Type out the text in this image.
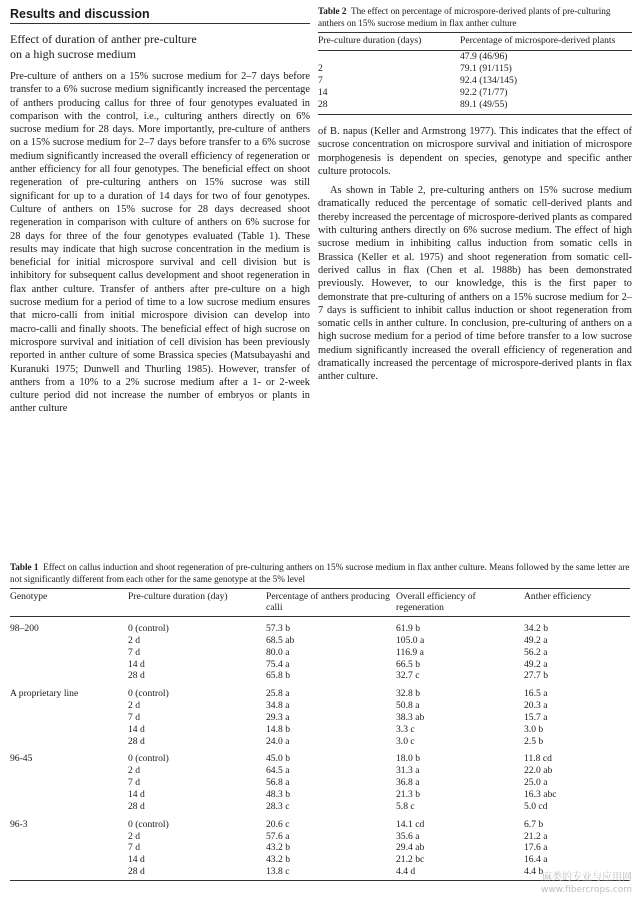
Results and discussion
Effect of duration of anther pre-culture
on a high sucrose medium

Pre-culture of anthers on a 15% sucrose medium for 2–7 days before transfer to a 6% sucrose medium significantly increased the percentage of anthers producing callus for three of four genotypes evaluated in comparison with the control, i.e., culturing anthers directly on 6% sucrose medium for 28 days. More importantly, pre-culture of anthers on a 15% sucrose medium for 2–7 days before transfer to a 6% sucrose medium significantly increased the overall efficiency of regeneration or anther efficiency for all four genotypes. The beneficial effect on shoot regeneration of pre-culturing anthers on 15% sucrose was still significant for up to a duration of 14 days for two of four genotypes. Culture of anthers on 15% sucrose for 28 days decreased shoot regeneration in comparison with culture of anthers on 6% sucrose for 28 days for three of the four genotypes evaluated (Table 1). These results may indicate that high sucrose concentration in the medium is beneficial for initial microspore survival and cell division but is inhibitory for subsequent callus development and shoot regeneration in flax anther culture. Transfer of anthers after pre-culture on a high sucrose medium for a period of time to a low sucrose medium ensures that micro-calli from initial microspore division can develop into macro-calli and finally shoots. The beneficial effect of high sucrose on microspore survival and initiation of cell division has been previously reported in anther culture of some Brassica species (Matsubayashi and Kuranuki 1975; Dunwell and Thurling 1985). However, transfer of anthers from a 10% to a 2% sucrose medium after a 1- or 2-week culture period did not increase the number of embryos or plants in anther culture

Table 2 The effect on percentage of microspore-derived plants of pre-culturing anthers on 15% sucrose medium in flax anther culture
Pre-culture duration (days)	Percentage of microspore-derived plants
	47.9 (46/96)
2	79.1 (91/115)
7	92.4 (134/145)
14	92.2 (71/77)
28	89.1 (49/55)

of B. napus (Keller and Armstrong 1977). This indicates that the effect of sucrose concentration on microspore survival and initiation of microspore morphogenesis is dependent on species, genotype and specific anther culture protocols.

As shown in Table 2, pre-culturing anthers on 15% sucrose medium dramatically reduced the percentage of somatic cell-derived plants and thereby increased the percentage of microspore-derived plants as compared with culturing anthers directly on 6% sucrose medium. The effect of high sucrose medium in inhibiting callus induction from somatic cells in Brassica (Keller et al. 1975) and shoot regeneration from somatic cell-derived callus in flax (Chen et al. 1988b) has been demonstrated previously. However, to our knowledge, this is the first paper to demonstrate that pre-culturing of anthers on a 15% sucrose medium for 2–7 days is sufficient to inhibit callus induction or shoot regeneration from somatic cells in anther culture. In conclusion, pre-culturing of anthers on a high sucrose medium for a period of time before transfer to a low sucrose medium significantly increased the overall efficiency of regeneration and dramatically increased the percentage of microspore-derived plants in flax anther culture.

Table 1 Effect on callus induction and shoot regeneration of pre-culturing anthers on 15% sucrose medium in flax anther culture. Means followed by the same letter are not significantly different from each other for the same genotype at the 5% level
Genotype	Pre-culture duration (day)	Percentage of anthers producing calli	Overall efficiency of regeneration	Anther efficiency
98–200	0 (control)	57.3 b	61.9 b	34.2 b
	2 d	68.5 ab	105.0 a	49.2 a
	7 d	80.0 a	116.9 a	56.2 a
	14 d	75.4 a	66.5 b	49.2 a
	28 d	65.8 b	32.7 c	27.7 b
A proprietary line	0 (control)	25.8 a	32.8 b	16.5 a
	2 d	34.8 a	50.8 a	20.3 a
	7 d	29.3 a	38.3 ab	15.7 a
	14 d	14.8 b	3.3 c	3.0 b
	28 d	24.0 a	3.0 c	2.5 b
96-45	0 (control)	45.0 b	18.0 b	11.8 cd
	2 d	64.5 a	31.3 a	22.0 ab
	7 d	56.8 a	36.8 a	25.0 a
	14 d	48.3 b	21.3 b	16.3 abc
	28 d	28.3 c	5.8 c	5.0 cd
96-3	0 (control)	20.6 c	14.1 cd	6.7 b
	2 d	57.6 a	35.6 a	21.2 a
	7 d	43.2 b	29.4 ab	17.6 a
	14 d	43.2 b	21.2 bc	16.4 a
	28 d	13.8 c	4.4 d	4.4 b
麻类的专业与应用网
www.fibercrops.com
